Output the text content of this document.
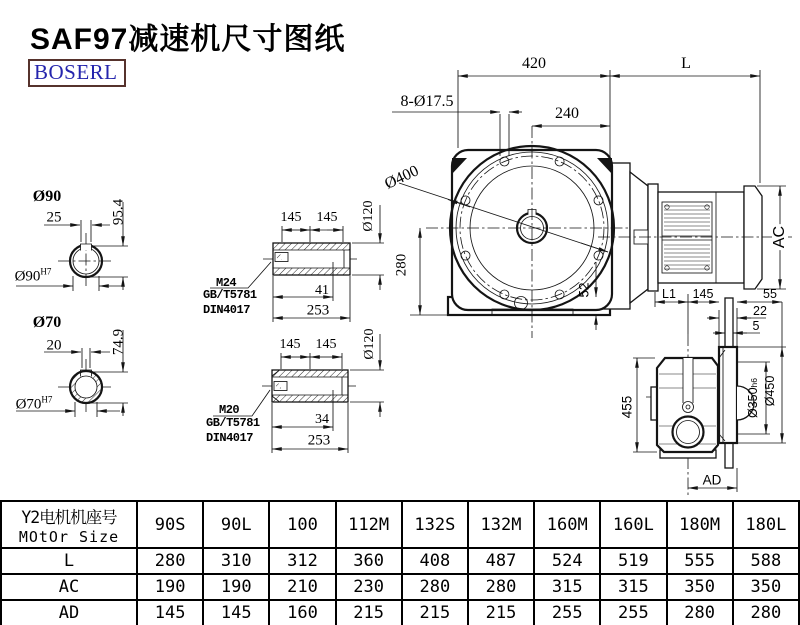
SAF97减速机尺寸图纸
BOSERL
Ø90
25	95.4
$Ø90^{H7}$
Ø70
20	74.9
$Ø70^{H7}$
145 145 Ø120
M24
GB/T5781
DIN4017
41
253
145 145 Ø120
M20
GB/T5781
DIN4017
34
253
420	L
8-Ø17.5
240
Ø400
280
52
AC
L1 145	55
22
5
455	Ø350h6 Ø450
AD
Y2电机机座号
MOtOr Size	90S	90L	100	112M	132S	132M	160M	160L	180M	180L
L	280	310	312	360	408	487	524	519	555	588
AC	190	190	210	230	280	280	315	315	350	350
AD	145	145	160	215	215	215	255	255	280	280
